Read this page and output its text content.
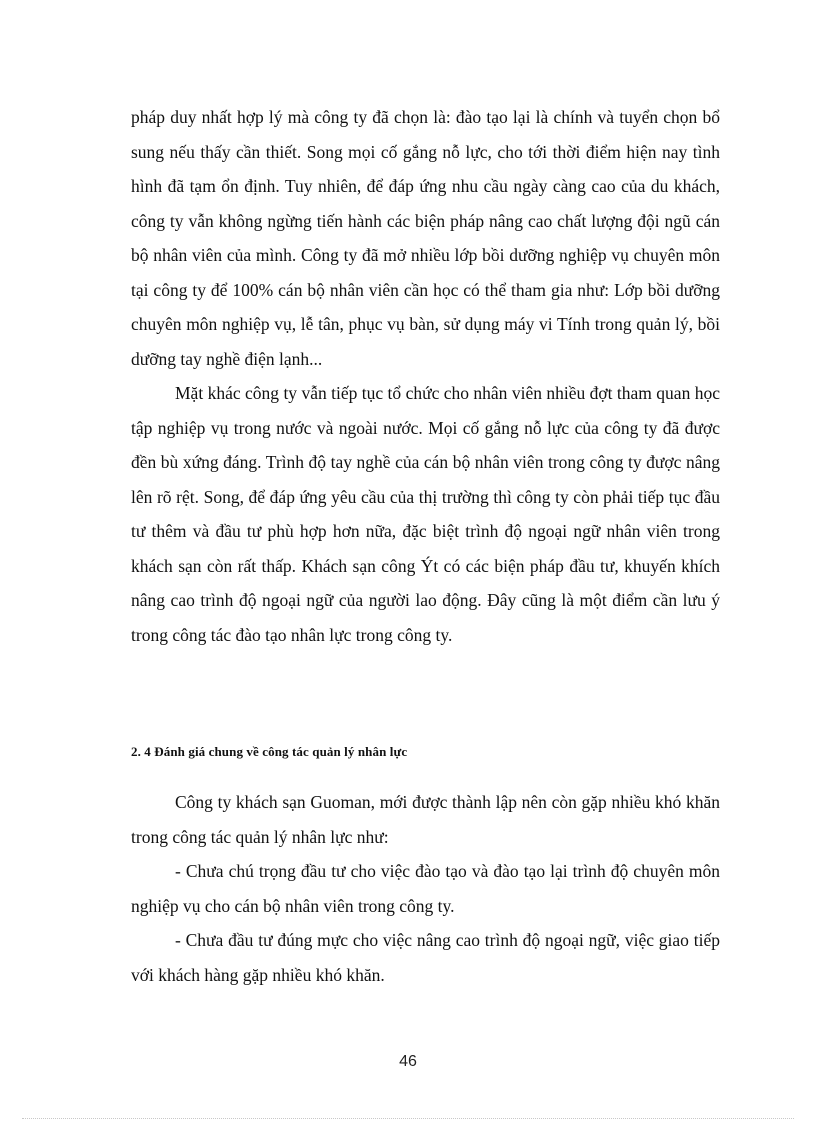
pháp duy nhất hợp lý mà công ty đã chọn là: đào tạo lại là chính và tuyển chọn bổ sung nếu thấy cần thiết. Song mọi cố gắng nỗ lực, cho tới thời điểm hiện nay tình hình đã tạm ổn định. Tuy nhiên, để đáp ứng nhu cầu ngày càng cao của du khách, công ty vẫn không ngừng tiến hành các biện pháp nâng cao chất lượng đội ngũ cán bộ nhân viên của mình. Công ty đã mở nhiều lớp bồi dưỡng nghiệp vụ chuyên môn tại công ty để 100% cán bộ nhân viên cần học có thể tham gia như: Lớp bồi dưỡng chuyên môn nghiệp vụ, lễ tân, phục vụ bàn, sử dụng máy vi Tính trong quản lý, bồi dưỡng tay nghề điện lạnh...

Mặt khác công ty vẫn tiếp tục tổ chức cho nhân viên nhiều đợt tham quan học tập nghiệp vụ trong nước và ngoài nước. Mọi cố gắng nỗ lực của công ty đã được đền bù xứng đáng. Trình độ tay nghề của cán bộ nhân viên trong công ty được nâng lên rõ rệt. Song, để đáp ứng yêu cầu của thị trường thì công ty còn phải tiếp tục đầu tư thêm và đầu tư phù hợp hơn nữa, đặc biệt trình độ ngoại ngữ nhân viên trong khách sạn còn rất thấp. Khách sạn công Ýt có các biện pháp đầu tư, khuyến khích nâng cao trình độ ngoại ngữ của người lao động. Đây cũng là một điểm cần lưu ý trong công tác đào tạo nhân lực trong công ty.

2. 4 Đánh giá chung về công tác quản lý nhân lực

Công ty khách sạn Guoman, mới được thành lập nên còn gặp nhiều khó khăn trong công tác quản lý nhân lực như:

- Chưa chú trọng đầu tư cho việc đào tạo và đào tạo lại trình độ chuyên môn nghiệp vụ cho cán bộ nhân viên trong công ty.

- Chưa đầu tư đúng mực cho việc nâng cao trình độ ngoại ngữ, việc giao tiếp với khách hàng gặp nhiều khó khăn.

46
